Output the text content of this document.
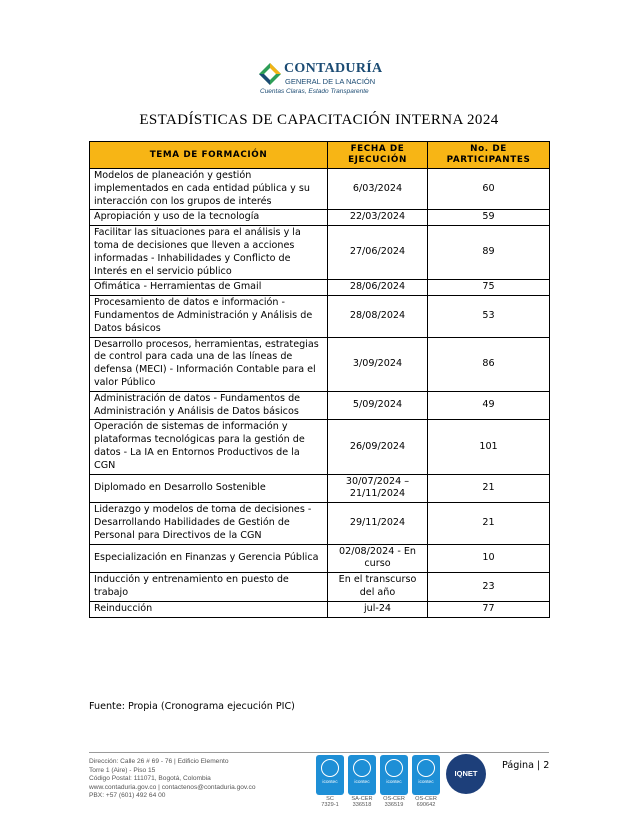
CONTADURÍA
GENERAL DE LA NACIÓN
Cuentas Claras, Estado Transparente
ESTADÍSTICAS DE CAPACITACIÓN INTERNA 2024
TEMA DE FORMACIÓN	FECHA DE EJECUCIÓN	No. DE PARTICIPANTES
Modelos de planeación y gestión implementados en cada entidad pública y su interacción con los grupos de interés	6/03/2024	60
Apropiación y uso de la tecnología	22/03/2024	59
Facilitar las situaciones para el análisis y la toma de decisiones que lleven a acciones informadas - Inhabilidades y Conflicto de Interés en el servicio público	27/06/2024	89
Ofimática - Herramientas de Gmail	28/06/2024	75
Procesamiento de datos e información - Fundamentos de Administración y Análisis de Datos básicos	28/08/2024	53
Desarrollo procesos, herramientas, estrategias de control para cada una de las líneas de defensa (MECI) - Información Contable para el valor Público	3/09/2024	86
Administración de datos - Fundamentos de Administración y Análisis de Datos básicos	5/09/2024	49
Operación de sistemas de información y plataformas tecnológicas para la gestión de datos - La IA en Entornos Productivos de la CGN	26/09/2024	101
Diplomado en Desarrollo Sostenible	30/07/2024 – 21/11/2024	21
Liderazgo y modelos de toma de decisiones - Desarrollando Habilidades de Gestión de Personal para Directivos de la CGN	29/11/2024	21
Especialización en Finanzas y Gerencia Pública	02/08/2024 - En curso	10
Inducción y entrenamiento en puesto de trabajo	En el transcurso del año	23
Reinducción	jul-24	77
Fuente: Propia (Cronograma ejecución PIC)
Dirección: Calle 26 # 69 - 76 | Edificio Elemento
Torre 1 (Aire) - Piso 15
Código Postal: 111071, Bogotá, Colombia
www.contaduria.gov.co | contactenos@contaduria.gov.co
PBX: +57 (601) 492 64 00
icontec
SC
7329-1
icontec
SA-CER
336518
icontec
OS-CER
336519
icontec
OS-CER
690642
IQNET
Página | 2
